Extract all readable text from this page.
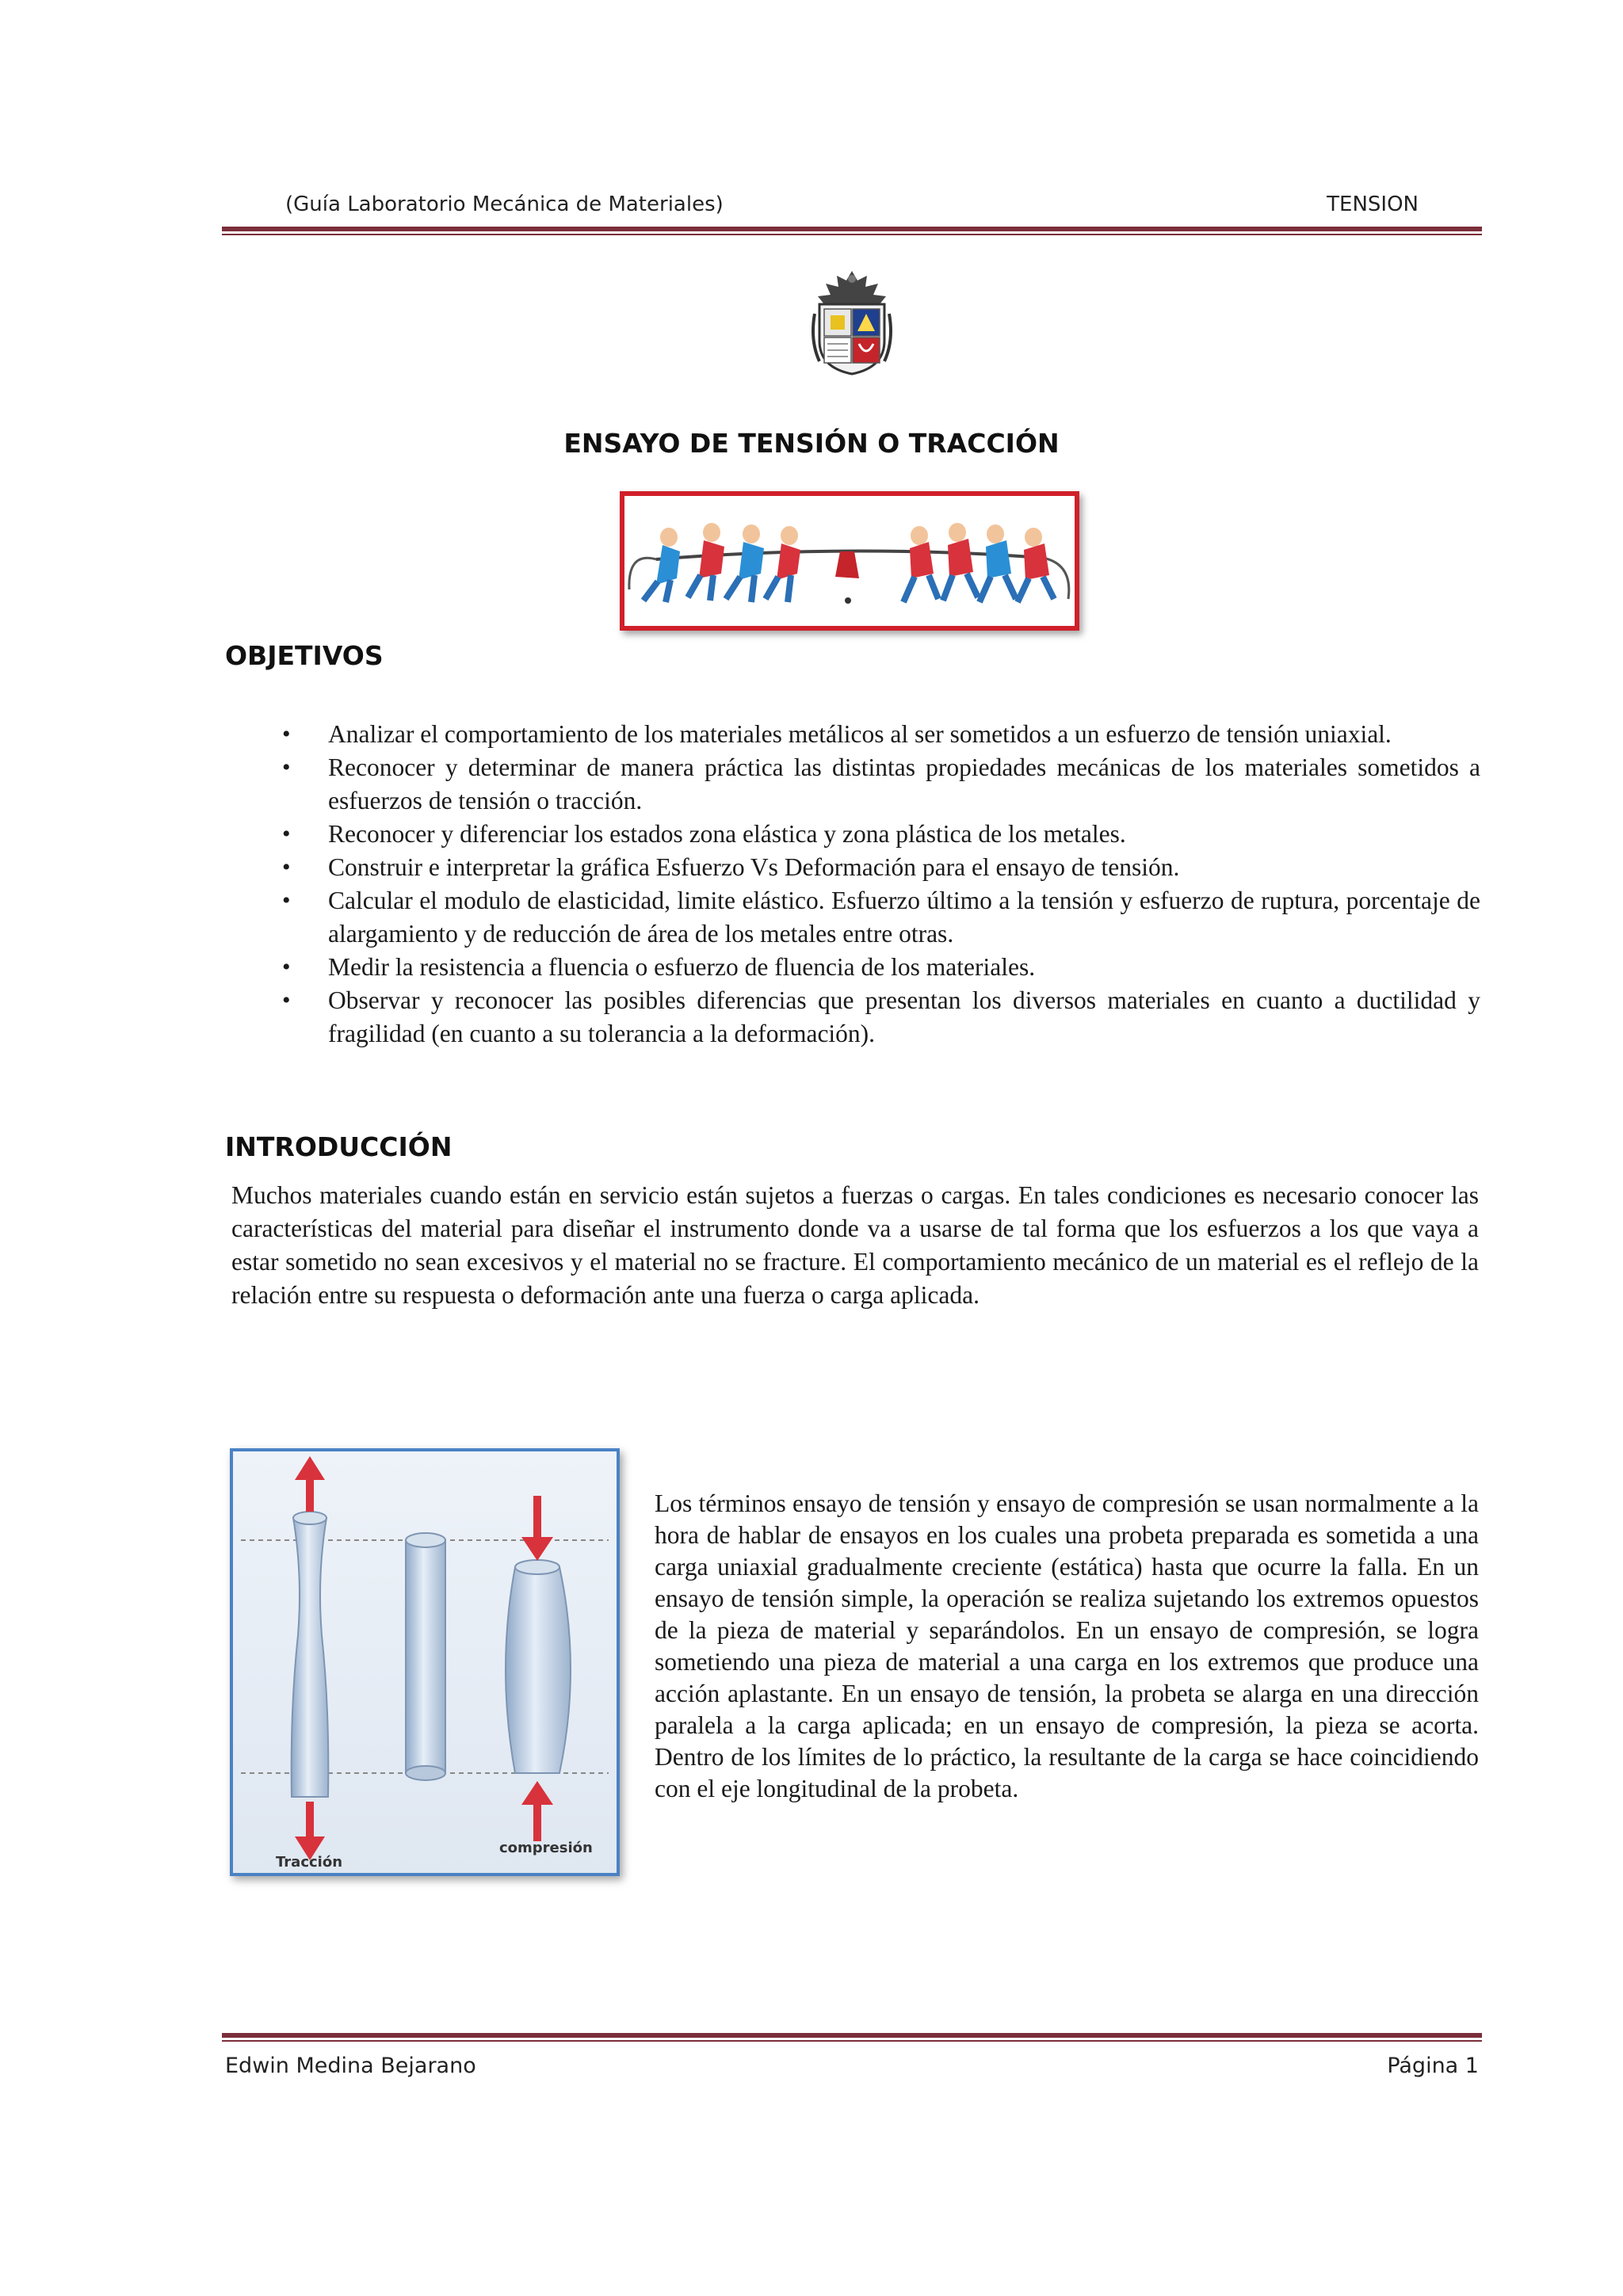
(Guía Laboratorio Mecánica de Materiales)	TENSION
ENSAYO DE TENSIÓN O TRACCIÓN
OBJETIVOS
• Analizar el comportamiento de los materiales metálicos al ser sometidos a un esfuerzo de tensión uniaxial.
• Reconocer y determinar de manera práctica las distintas propiedades mecánicas de los materiales sometidos a esfuerzos de tensión o tracción.
• Reconocer y diferenciar los estados zona elástica y zona plástica de los metales.
• Construir e interpretar la gráfica Esfuerzo Vs Deformación para el ensayo de tensión.
• Calcular el modulo de elasticidad, limite elástico. Esfuerzo último a la tensión y esfuerzo de ruptura, porcentaje de alargamiento y de reducción de área de los metales entre otras.
• Medir la resistencia a fluencia o esfuerzo de fluencia de los materiales.
• Observar y reconocer las posibles diferencias que presentan los diversos materiales en cuanto a ductilidad y fragilidad (en cuanto a su tolerancia a la deformación).
INTRODUCCIÓN

Muchos materiales cuando están en servicio están sujetos a fuerzas o cargas. En tales condiciones es necesario conocer las características del material para diseñar el instrumento donde va a usarse de tal forma que los esfuerzos a los que vaya a estar sometido no sean excesivos y el material no se fracture. El comportamiento mecánico de un material es el reflejo de la relación entre su respuesta o deformación ante una fuerza o carga aplicada.

Tracción
compresión

Los términos ensayo de tensión y ensayo de compresión se usan normalmente a la hora de hablar de ensayos en los cuales una probeta preparada es sometida a una carga uniaxial gradualmente creciente (estática) hasta que ocurre la falla. En un ensayo de tensión simple, la operación se realiza sujetando los extremos opuestos de la pieza de material y separándolos. En un ensayo de compresión, se logra sometiendo una pieza de material a una carga en los extremos que produce una acción aplastante. En un ensayo de tensión, la probeta se alarga en una dirección paralela a la carga aplicada; en un ensayo de compresión, la pieza se acorta. Dentro de los límites de lo práctico, la resultante de la carga se hace coincidiendo con el eje longitudinal de la probeta.

Edwin Medina Bejarano	Página 1
